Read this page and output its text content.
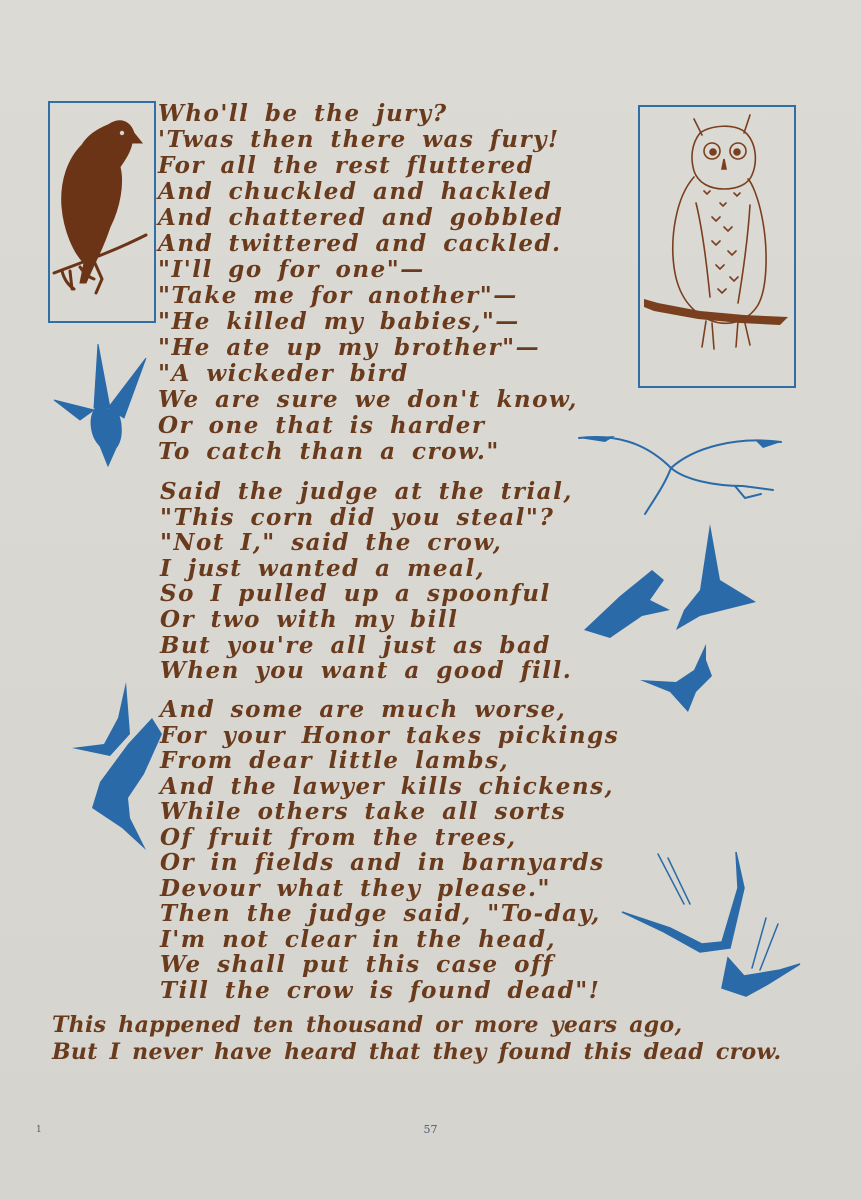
Who'll be the jury?
'Twas then there was fury!
For all the rest fluttered
And chuckled and hackled
And chattered and gobbled
And twittered and cackled.
"I'll go for one"—
"Take me for another"—
"He killed my babies,"—
"He ate up my brother"—
"A wickeder bird
We are sure we don't know,
Or one that is harder
To catch than a crow."
Said the judge at the trial,
"This corn did you steal"?
"Not I," said the crow,
I just wanted a meal,
So I pulled up a spoonful
Or two with my bill
But you're all just as bad
When you want a good fill.
And some are much worse,
For your Honor takes pickings
From dear little lambs,
And the lawyer kills chickens,
While others take all sorts
Of fruit from the trees,
Or in fields and in barnyards
Devour what they please."
Then the judge said, "To-day,
I'm not clear in the head,
We shall put this case off
Till the crow is found dead"!
This happened ten thousand or more years ago,
But I never have heard that they found this dead crow.
1	57
